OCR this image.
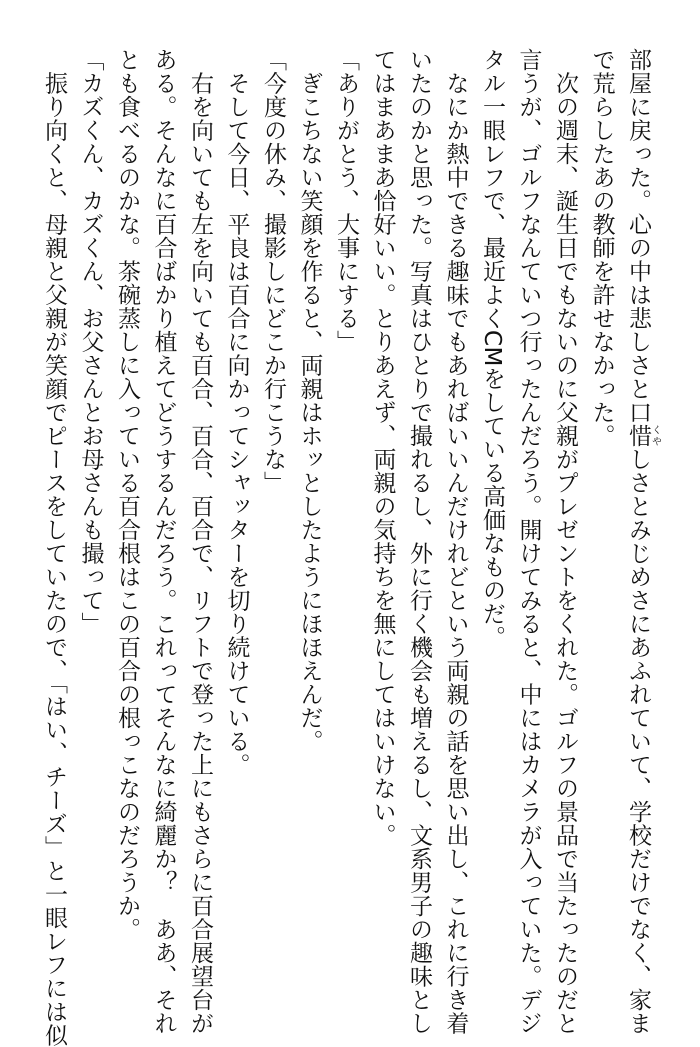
部屋に戻った。心の中は悲しさと口惜くやしさとみじめさにあふれていて、学校だけでなく、家ま
で荒らしたあの教師を許せなかった。
　次の週末、誕生日でもないのに父親がプレゼントをくれた。ゴルフの景品で当たったのだと
言うが、ゴルフなんていつ行ったんだろう。開けてみると、中にはカメラが入っていた。デジ
タル一眼レフで、最近よくCMをしている高価なものだ。
　なにか熱中できる趣味でもあればいいんだけれどという両親の話を思い出し、これに行き着
いたのかと思った。写真はひとりで撮れるし、外に行く機会も増えるし、文系男子の趣味とし
てはまあまあ恰好いい。とりあえず、両親の気持ちを無にしてはいけない。
「ありがとう、大事にする」
　ぎこちない笑顔を作ると、両親はホッとしたようにほほえんだ。
「今度の休み、撮影しにどこか行こうな」
　そして今日、平良は百合に向かってシャッターを切り続けている。
　右を向いても左を向いても百合、百合、百合で、リフトで登った上にもさらに百合展望台が
ある。そんなに百合ばかり植えてどうするんだろう。これってそんなに綺麗か？　ああ、それ
とも食べるのかな。茶碗蒸しに入っている百合根はこの百合の根っこなのだろうか。
「カズくん、カズくん、お父さんとお母さんも撮って」
　振り向くと、母親と父親が笑顔でピースをしていたので、「はい、チーズ」と一眼レフには似
